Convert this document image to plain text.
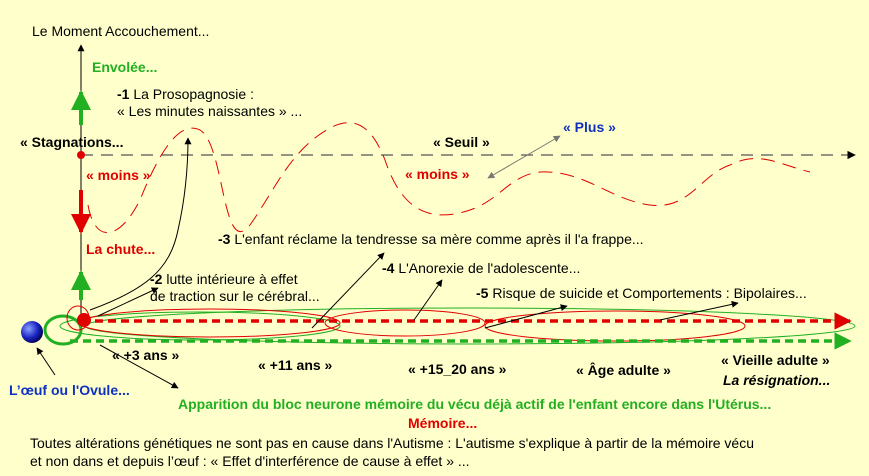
Le Moment Accouchement...
Envolée...
-1 La Prosopagnosie :
« Les minutes naissantes » ...
« Stagnations...	« Seuil »
« Plus »
« moins »	« moins »
-3 L'enfant réclame la tendresse sa mère comme après il l'a frappe...
La chute...
-4 L'Anorexie de l'adolescente...
-2 lutte intérieure à effet
de traction sur le cérébral...	-5 Risque de suicide et Comportements : Bipolaires...
« +3 ans »
« +11 ans »	« +15_20 ans »	« Âge adulte »
« Vieille adulte »
La résignation...
L’œuf ou l'Ovule...
Apparition du bloc neurone mémoire du vécu déjà actif de l'enfant encore dans l'Utérus...
Mémoire...
Toutes altérations génétiques ne sont pas en cause dans l'Autisme : L'autisme s'explique à partir de la mémoire vécu
et non dans et depuis l’œuf : « Effet d'interférence de cause à effet » ...
